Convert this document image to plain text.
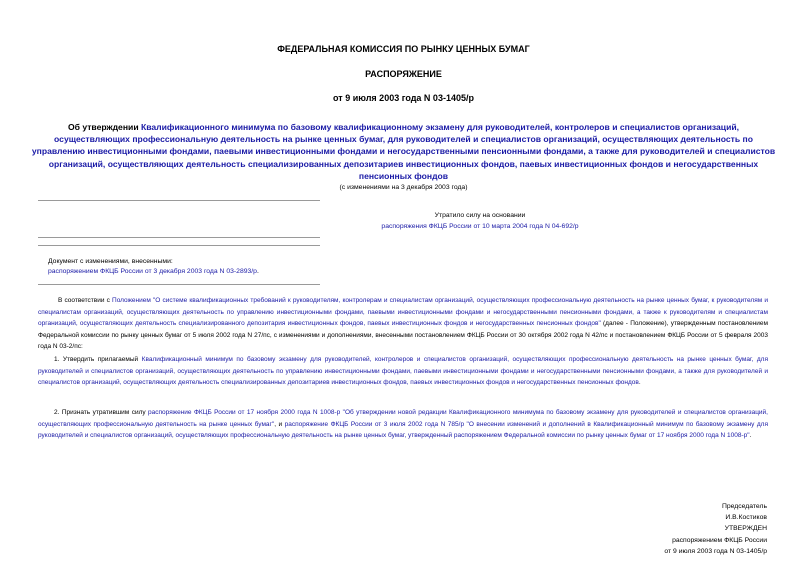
ФЕДЕРАЛЬНАЯ КОМИССИЯ ПО РЫНКУ ЦЕННЫХ БУМАГ
РАСПОРЯЖЕНИЕ
от 9 июля 2003 года N 03-1405/р
Об утверждении Квалификационного минимума по базовому квалификационному экзамену для руководителей, контролеров и специалистов организаций, осуществляющих профессиональную деятельность на рынке ценных бумаг, для руководителей и специалистов организаций, осуществляющих деятельность по управлению инвестиционными фондами, паевыми инвестиционными фондами и негосударственными пенсионными фондами, а также для руководителей и специалистов организаций, осуществляющих деятельность специализированных депозитариев инвестиционных фондов, паевых инвестиционных фондов и негосударственных пенсионных фондов
(с изменениями на 3 декабря 2003 года)
Утратило силу на основании
распоряжения ФКЦБ России от 10 марта 2004 года N 04-692/р
Документ с изменениями, внесенными:
распоряжением ФКЦБ России от 3 декабря 2003 года N 03-2893/р.

В соответствии с Положением "О системе квалификационных требований к руководителям, контролерам и специалистам организаций, осуществляющих профессиональную деятельность на рынке ценных бумаг, к руководителям и специалистам организаций, осуществляющих деятельность по управлению инвестиционными фондами, паевыми инвестиционными фондами и негосударственными пенсионными фондами, а также к руководителям и специалистам организаций, осуществляющих деятельность специализированного депозитария инвестиционных фондов, паевых инвестиционных фондов и негосударственных пенсионных фондов" (далее - Положение), утвержденным постановлением Федеральной комиссии по рынку ценных бумаг от 5 июля 2002 года N 27/пс, с изменениями и дополнениями, внесенными постановлением ФКЦБ России от 30 октября 2002 года N 42/пс и постановлением ФКЦБ России от 5 февраля 2003 года N 03-2/пс:

1. Утвердить прилагаемый Квалификационный минимум по базовому экзамену для руководителей, контролеров и специалистов организаций, осуществляющих профессиональную деятельность на рынке ценных бумаг, для руководителей и специалистов организаций, осуществляющих деятельность по управлению инвестиционными фондами, паевыми инвестиционными фондами и негосударственными пенсионными фондами, а также для руководителей и специалистов организаций, осуществляющих деятельность специализированных депозитариев инвестиционных фондов, паевых инвестиционных фондов и негосударственных пенсионных фондов.

2. Признать утратившим силу распоряжение ФКЦБ России от 17 ноября 2000 года N 1008-р "Об утверждении новой редакции Квалификационного минимума по базовому экзамену для руководителей и специалистов организаций, осуществляющих профессиональную деятельность на рынке ценных бумаг", и распоряжение ФКЦБ России от 3 июля 2002 года N 785/р "О внесении изменений и дополнений в Квалификационный минимум по базовому экзамену для руководителей и специалистов организаций, осуществляющих профессиональную деятельность на рынке ценных бумаг, утвержденный распоряжением Федеральной комиссии по рынку ценных бумаг от 17 ноября 2000 года N 1008-р".

Председатель
И.В.Костиков
УТВЕРЖДЕН
распоряжением ФКЦБ России
от 9 июля 2003 года N 03-1405/р
